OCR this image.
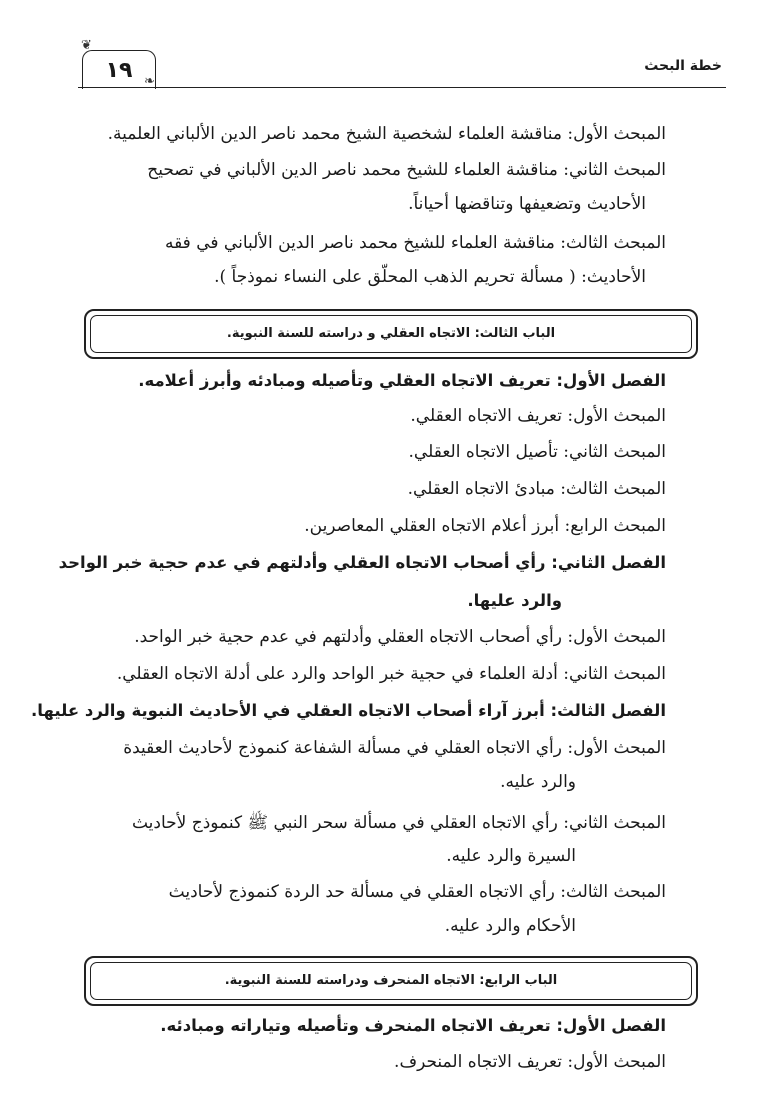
خطة البحث
١٩
❦
❧
المبحث الأول: مناقشة العلماء لشخصية الشيخ محمد ناصر الدين الألباني العلمية.
المبحث الثاني: مناقشة العلماء للشيخ محمد ناصر الدين الألباني في تصحيح
الأحاديث وتضعيفها وتناقضها أحياناً.
المبحث الثالث: مناقشة العلماء للشيخ محمد ناصر الدين الألباني في فقه
الأحاديث: ( مسألة تحريم الذهب المحلّق على النساء نموذجاً ).
الباب الثالث: الاتجاه العقلي و دراسته للسنة النبوية.
الفصل الأول: تعريف الاتجاه العقلي وتأصيله ومبادئه وأبرز أعلامه.
المبحث الأول: تعريف الاتجاه العقلي.
المبحث الثاني: تأصيل الاتجاه العقلي.
المبحث الثالث: مبادئ الاتجاه العقلي.
المبحث الرابع: أبرز أعلام الاتجاه العقلي المعاصرين.
الفصل الثاني: رأي أصحاب الاتجاه العقلي وأدلتهم في عدم حجية خبر الواحد
والرد عليها.
المبحث الأول: رأي أصحاب الاتجاه العقلي وأدلتهم في عدم حجية خبر الواحد.
المبحث الثاني: أدلة العلماء في حجية خبر الواحد والرد على أدلة الاتجاه العقلي.
الفصل الثالث: أبرز آراء أصحاب الاتجاه العقلي في الأحاديث النبوية والرد عليها.
المبحث الأول: رأي الاتجاه العقلي في مسألة الشفاعة كنموذج لأحاديث العقيدة
والرد عليه.
المبحث الثاني: رأي الاتجاه العقلي في مسألة سحر النبي ﷺ كنموذج لأحاديث
السيرة والرد عليه.
المبحث الثالث: رأي الاتجاه العقلي في مسألة حد الردة كنموذج لأحاديث
الأحكام والرد عليه.
الباب الرابع: الاتجاه المنحرف ودراسته للسنة النبوية.
الفصل الأول: تعريف الاتجاه المنحرف وتأصيله وتياراته ومبادئه.
المبحث الأول: تعريف الاتجاه المنحرف.
